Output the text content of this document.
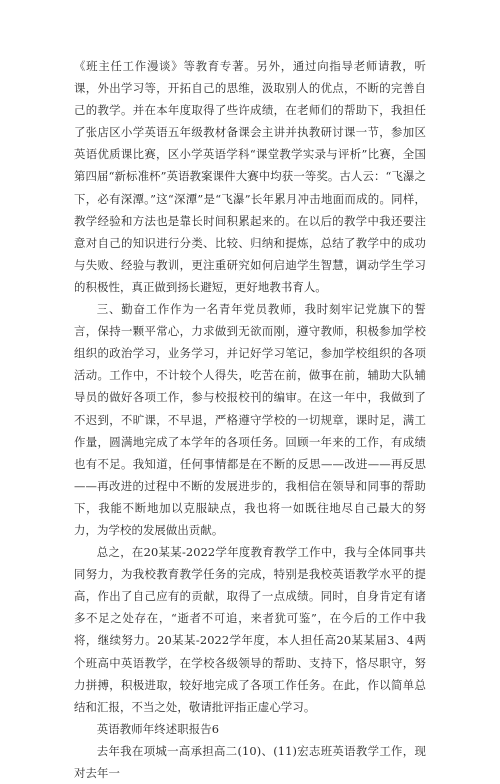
《班主任工作漫谈》等教育专著。另外，通过向指导老师请教，听课，外出学习等，开拓自己的思维，汲取别人的优点，不断的完善自己的教学。并在本年度取得了些许成绩，在老师们的帮助下，我担任了张店区小学英语五年级教材备课会主讲并执教研讨课一节，参加区英语优质课比赛，区小学英语学科“课堂教学实录与评析”比赛，全国第四届“新标准杯”英语教案课件大赛中均获一等奖。古人云：“飞瀑之下，必有深潭。”这“深潭”是“飞瀑”长年累月冲击地面而成的。同样，教学经验和方法也是靠长时间积累起来的。在以后的教学中我还要注意对自己的知识进行分类、比较、归纳和提炼，总结了教学中的成功与失败、经验与教训，更注重研究如何启迪学生智慧，调动学生学习的积极性，真正做到扬长避短，更好地教书育人。

三、勤奋工作作为一名青年党员教师，我时刻牢记党旗下的誓言，保持一颗平常心，力求做到无欲而刚，遵守教师，积极参加学校组织的政治学习，业务学习，并记好学习笔记，参加学校组织的各项活动。工作中，不计较个人得失，吃苦在前，做事在前，辅助大队辅导员的做好各项工作，参与校报校刊的编审。在这一年中，我做到了不迟到，不旷课，不早退，严格遵守学校的一切规章，课时足，满工作量，圆满地完成了本学年的各项任务。回顾一年来的工作，有成绩也有不足。我知道，任何事情都是在不断的反思——改进——再反思——再改进的过程中不断的发展进步的，我相信在领导和同事的帮助下，我能不断地加以克服缺点，我也将一如既往地尽自己最大的努力，为学校的发展做出贡献。

总之，在20某某-2022学年度教育教学工作中，我与全体同事共同努力，为我校教育教学任务的完成，特别是我校英语教学水平的提高，作出了自己应有的贡献，取得了一点成绩。同时，自身肯定有诸多不足之处存在，“逝者不可追，来者犹可鉴”，在今后的工作中我将，继续努力。20某某-2022学年度，本人担任高20某某届3、4两个班高中英语教学，在学校各级领导的帮助、支持下，恪尽职守，努力拼搏，积极进取，较好地完成了各项工作任务。在此，作以简单总结和汇报，不当之处，敬请批评指正虚心学习。

英语教师年终述职报告6

去年我在项城一高承担高二(10)、(11)宏志班英语教学工作，现对去年一
